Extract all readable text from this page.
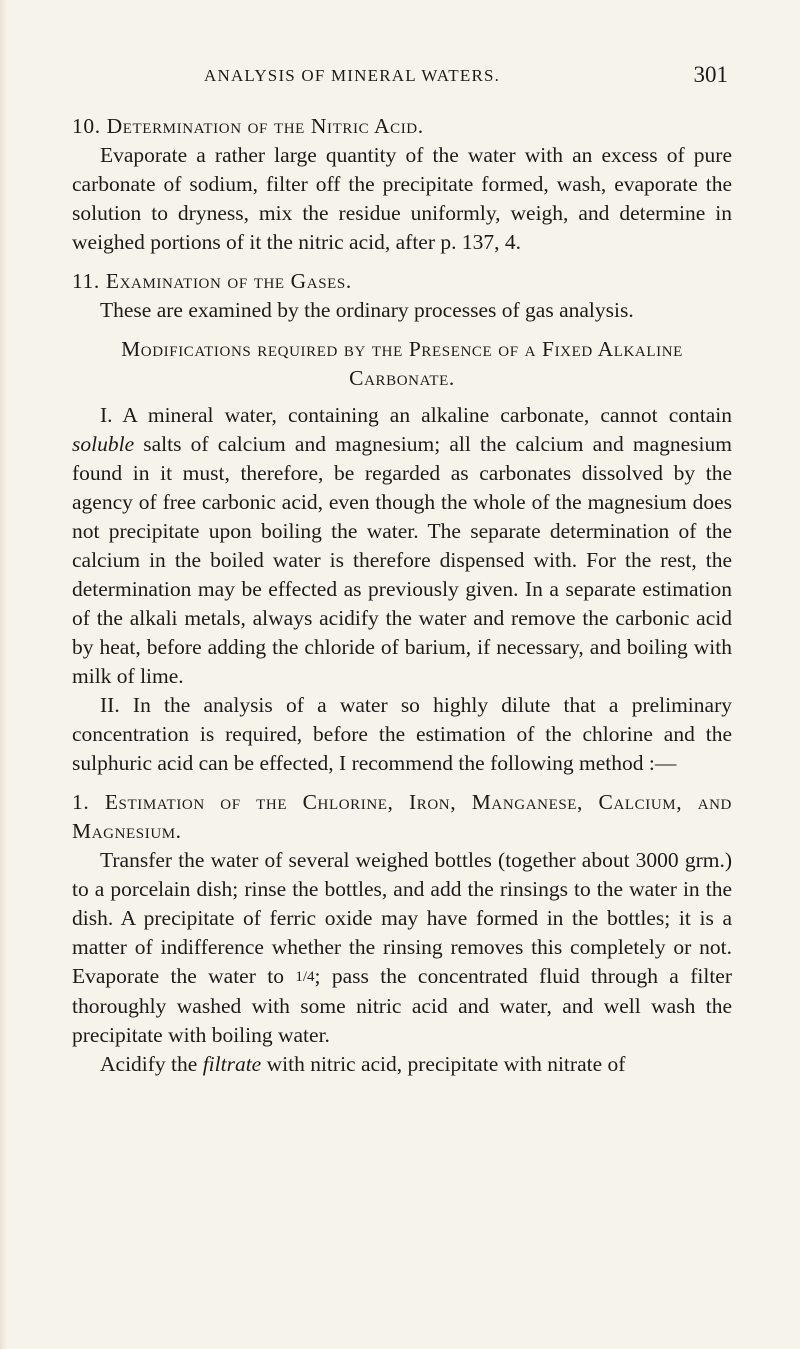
ANALYSIS OF MINERAL WATERS.	301

10. Determination of the Nitric Acid.

Evaporate a rather large quantity of the water with an excess of pure carbonate of sodium, filter off the precipitate formed, wash, evaporate the solution to dryness, mix the residue uniformly, weigh, and determine in weighed portions of it the nitric acid, after p. 137, 4.

11. Examination of the Gases.

These are examined by the ordinary processes of gas analysis.

Modifications required by the Presence of a Fixed Alkaline Carbonate.

I. A mineral water, containing an alkaline carbonate, cannot contain soluble salts of calcium and magnesium; all the calcium and magnesium found in it must, therefore, be regarded as carbonates dissolved by the agency of free carbonic acid, even though the whole of the magnesium does not precipitate upon boiling the water. The separate determination of the calcium in the boiled water is therefore dispensed with. For the rest, the determination may be effected as previously given. In a separate estimation of the alkali metals, always acidify the water and remove the carbonic acid by heat, before adding the chloride of barium, if necessary, and boiling with milk of lime.

II. In the analysis of a water so highly dilute that a preliminary concentration is required, before the estimation of the chlorine and the sulphuric acid can be effected, I recommend the following method :—

1. Estimation of the Chlorine, Iron, Manganese, Calcium, and Magnesium.

Transfer the water of several weighed bottles (together about 3000 grm.) to a porcelain dish; rinse the bottles, and add the rinsings to the water in the dish. A precipitate of ferric oxide may have formed in the bottles; it is a matter of indifference whether the rinsing removes this completely or not. Evaporate the water to 1/4; pass the concentrated fluid through a filter thoroughly washed with some nitric acid and water, and well wash the precipitate with boiling water.

Acidify the filtrate with nitric acid, precipitate with nitrate of
